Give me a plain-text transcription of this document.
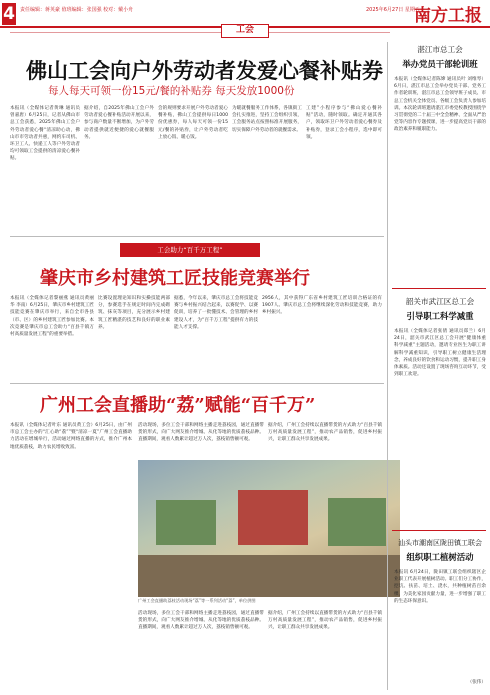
4 责任编辑：蒋英豪 值班编辑：张国强 校对：戴小舟	2025年6月27日 星期五
南方工报
工会
佛山工会向户外劳动者发爱心餐补贴券
每人每天可领一份15元/餐的补贴券 每天发放1000份
本报讯（全媒体记者黄琳 通讯员曾嘉唐）6月25日，记者从佛山市总工会获悉，2025年佛山工会户外劳动者爱心餐“清凉助心动，佛山市市劳动者共惠，网约车司机、环卫工人、快递工人等户外劳动者均可领取工会提供的清凉爱心餐补贴。
据介绍，自2025年佛山工会户外劳动者爱心餐补贴活动开展以来，参与商户数量不断增加，为户外劳动者提供就近便捷的爱心就餐服务。
会的规则要求开展户外劳动者爱心餐补贴，佛山工会提供每日1000份优惠券，每人每天可领一份15元/餐的补贴券，让户外劳动者吃上放心饭、暖心饭。
为暖就餐服务工作体系，各镇街工会扎实推进，坚持工会组织引领，工会服务站点按照标准开展服务，切实保障户外劳动者的就餐需求。
工建”小程序参与“佛山爱心餐补贴”活动，随时领取。确定开通其各户，领取环卫户外劳动者爱心餐券及补贴券，登录工会小程序，选中即可领。
工会助力“百千万工程”
肇庆市乡村建筑工匠技能竞赛举行
本报讯（全媒体记者黎丽燕 通讯员黄丽华 李南）6月25日，肇庆市乡村建筑工匠技能竞赛在肇庆市举行，来自全市各县（市、区）的乡村建筑工匠参加比赛。本次竞赛是肇庆市总工会助力“百县千镇万村高质量发展工程”的重要举措。
比赛设置理论知识和实操技能两部分，参赛选手在规定时间内完成砌筑、抹灰等项目，充分展示乡村建筑工匠精湛的技艺和良好的职业素养。
据悉，今年以来，肇庆市总工会将技能竞赛与乡村振兴结合起来，以赛促学、以赛促训，培养了一批懂技术、会管理的乡村建设人才，为“百千万工程”提供有力的技能人才支撑。
2956人，其中获得广东省乡村建筑工匠培训合格证的有1907人。肇庆市总工会将继续深化劳动和技能竞赛，助力乡村振兴。
广州工会直播助“荔”赋能“百千万”
本报讯（全媒体记者叶东 通讯员黄工会）6月25日，由广州市总工会主办的“汇心助“荔””暨“清凉一夏”广州工会直播助力活动在增城举行，活动通过网络直播的方式，推介广州本地优质荔枝，助力农民增收致富。
活动现场，多位工会干部和网络主播走进荔枝园，通过直播带货的形式，向广大网友推介增城、从化等地的优质荔枝品种。直播期间，观看人数累计超过万人次，荔枝销售额可观。
据介绍，广州工会持续以直播带货的方式助力“百县千镇万村高质量发展工程”，推动农产品销售，促进乡村振兴，让职工群众共享发展成果。
广州工会直播助荔枝活动现场“荔”等一系列活动“荔”，单位供图
活动现场，多位工会干部和网络主播走进荔枝园，通过直播带货的形式，向广大网友推介增城、从化等地的优质荔枝品种。直播期间，观看人数累计超过万人次，荔枝销售额可观。
据介绍，广州工会持续以直播带货的方式助力“百县千镇万村高质量发展工程”，推动农产品销售，促进乡村振兴，让职工群众共享发展成果。
湛江市总工会
举办党员干部轮训班
本报讯（全媒体记者陈嫦 通讯员叶 刘维琴）6月日，湛江市总工会举办党员干部、党务工作者轮训班，湛江市总工会领导班子成员、市总工会机关全体党员、各级工会负责人参加培训。本次轮训班邀请湛江市委党校教授围绕学习贯彻党的二十届三中全会精神、全面从严治党等内容作专题授课，进一步提高党员干部的政治素养和履职能力。
韶关市武江区总工会
引导职工科学减重
本报讯（全媒体记者张倩 通讯员郑兰）6月24日，韶关市武江区总工会开展“健康体重 科学减重”主题活动，邀请专业医生为职工讲解科学减重知识，引导职工树立健康生活理念，养成良好的饮食和运动习惯，提升职工身体素质。活动还设置了现场咨询互动环节，受到职工欢迎。
汕头市潮南区陇田镇工联会
组织职工植树活动
本报讯 6月24日，陇田镇工联会组织辖区企业职工代表开展植树活动。职工们分工协作，挖坑、扶苗、培土、浇水，共种植树苗百余棵，为美化家园贡献力量，进一步增强了职工的生态环保意识。
（张伟）
